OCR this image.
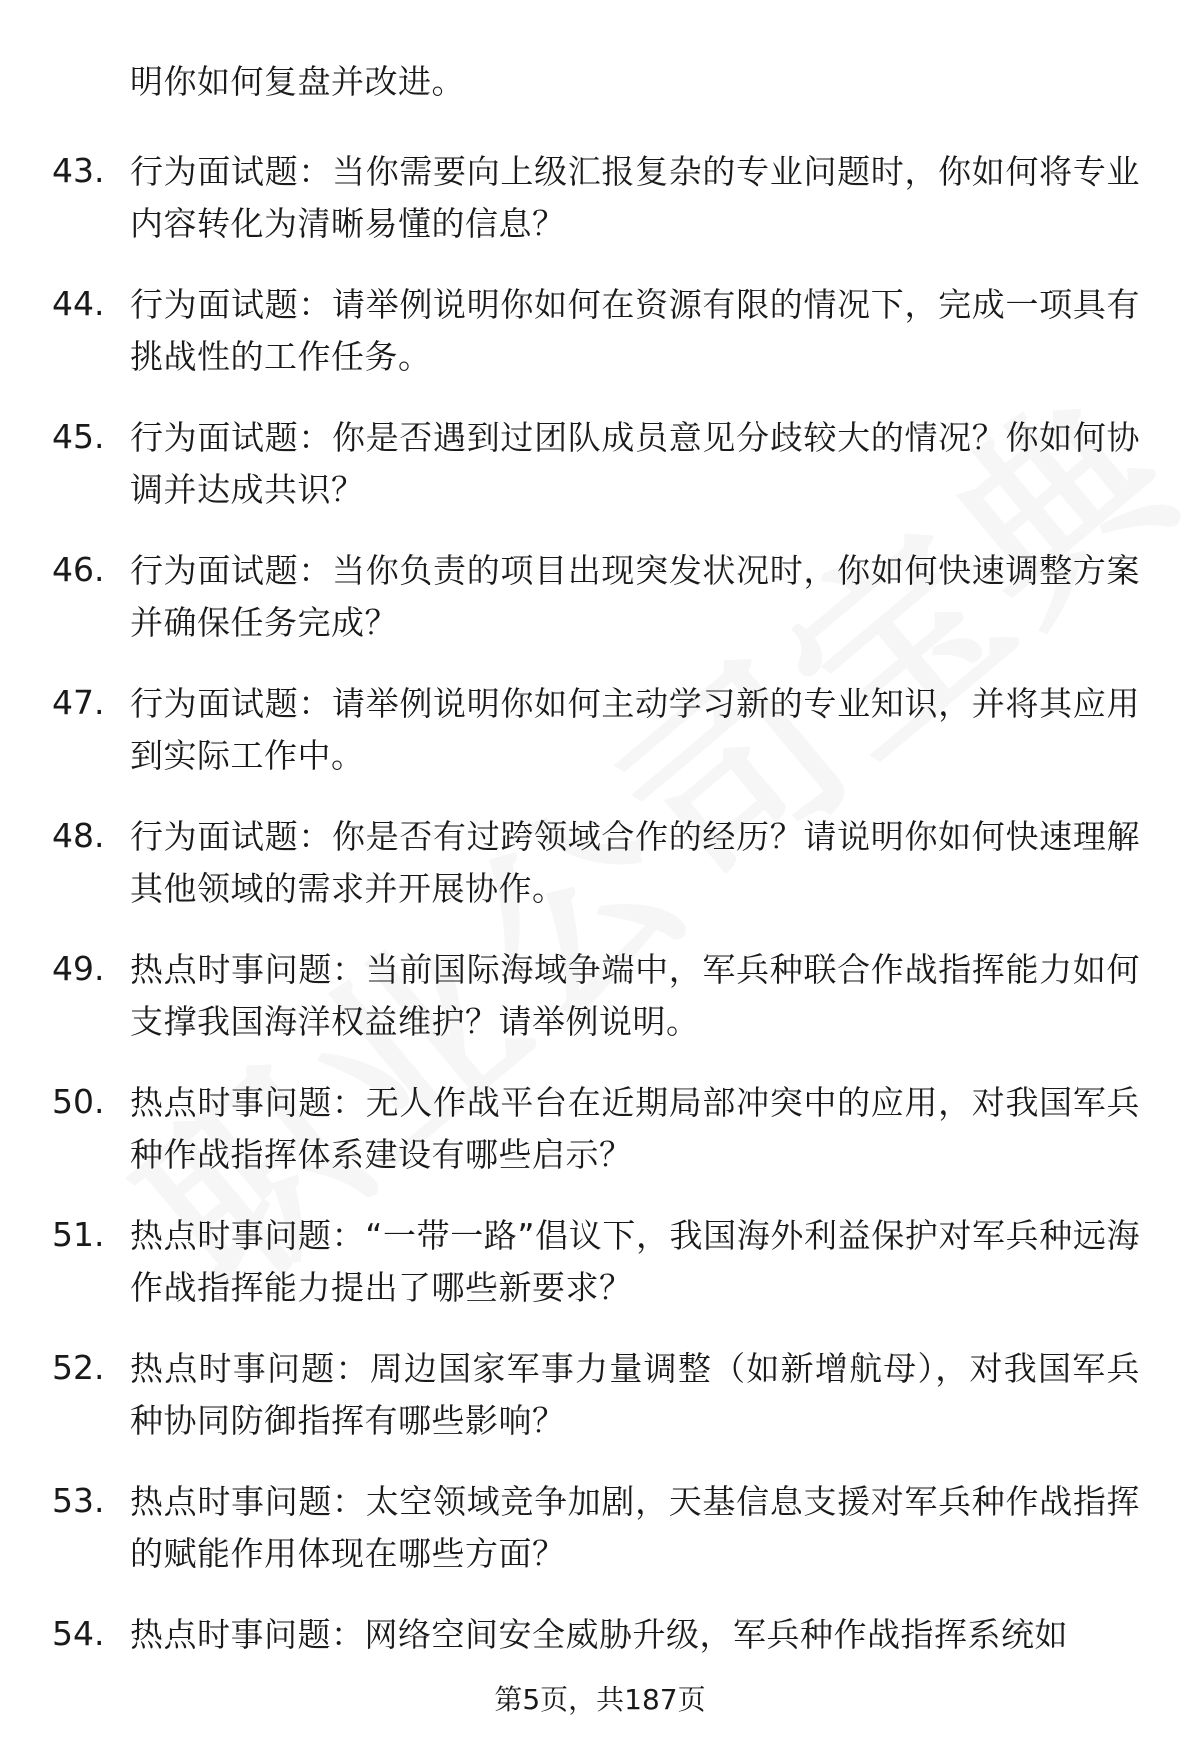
明你如何复盘并改进。
43. 行为面试题：当你需要向上级汇报复杂的专业问题时，你如何将专业内容转化为清晰易懂的信息？
44. 行为面试题：请举例说明你如何在资源有限的情况下，完成一项具有挑战性的工作任务。
45. 行为面试题：你是否遇到过团队成员意见分歧较大的情况？你如何协调并达成共识？
46. 行为面试题：当你负责的项目出现突发状况时，你如何快速调整方案并确保任务完成？
47. 行为面试题：请举例说明你如何主动学习新的专业知识，并将其应用到实际工作中。
48. 行为面试题：你是否有过跨领域合作的经历？请说明你如何快速理解其他领域的需求并开展协作。
49. 热点时事问题：当前国际海域争端中，军兵种联合作战指挥能力如何支撑我国海洋权益维护？请举例说明。
50. 热点时事问题：无人作战平台在近期局部冲突中的应用，对我国军兵种作战指挥体系建设有哪些启示？
51. 热点时事问题：“一带一路”倡议下，我国海外利益保护对军兵种远海作战指挥能力提出了哪些新要求？
52. 热点时事问题：周边国家军事力量调整（如新增航母），对我国军兵种协同防御指挥有哪些影响？
53. 热点时事问题：太空领域竞争加剧，天基信息支援对军兵种作战指挥的赋能作用体现在哪些方面？
54. 热点时事问题：网络空间安全威胁升级，军兵种作战指挥系统如
第5页，共187页
